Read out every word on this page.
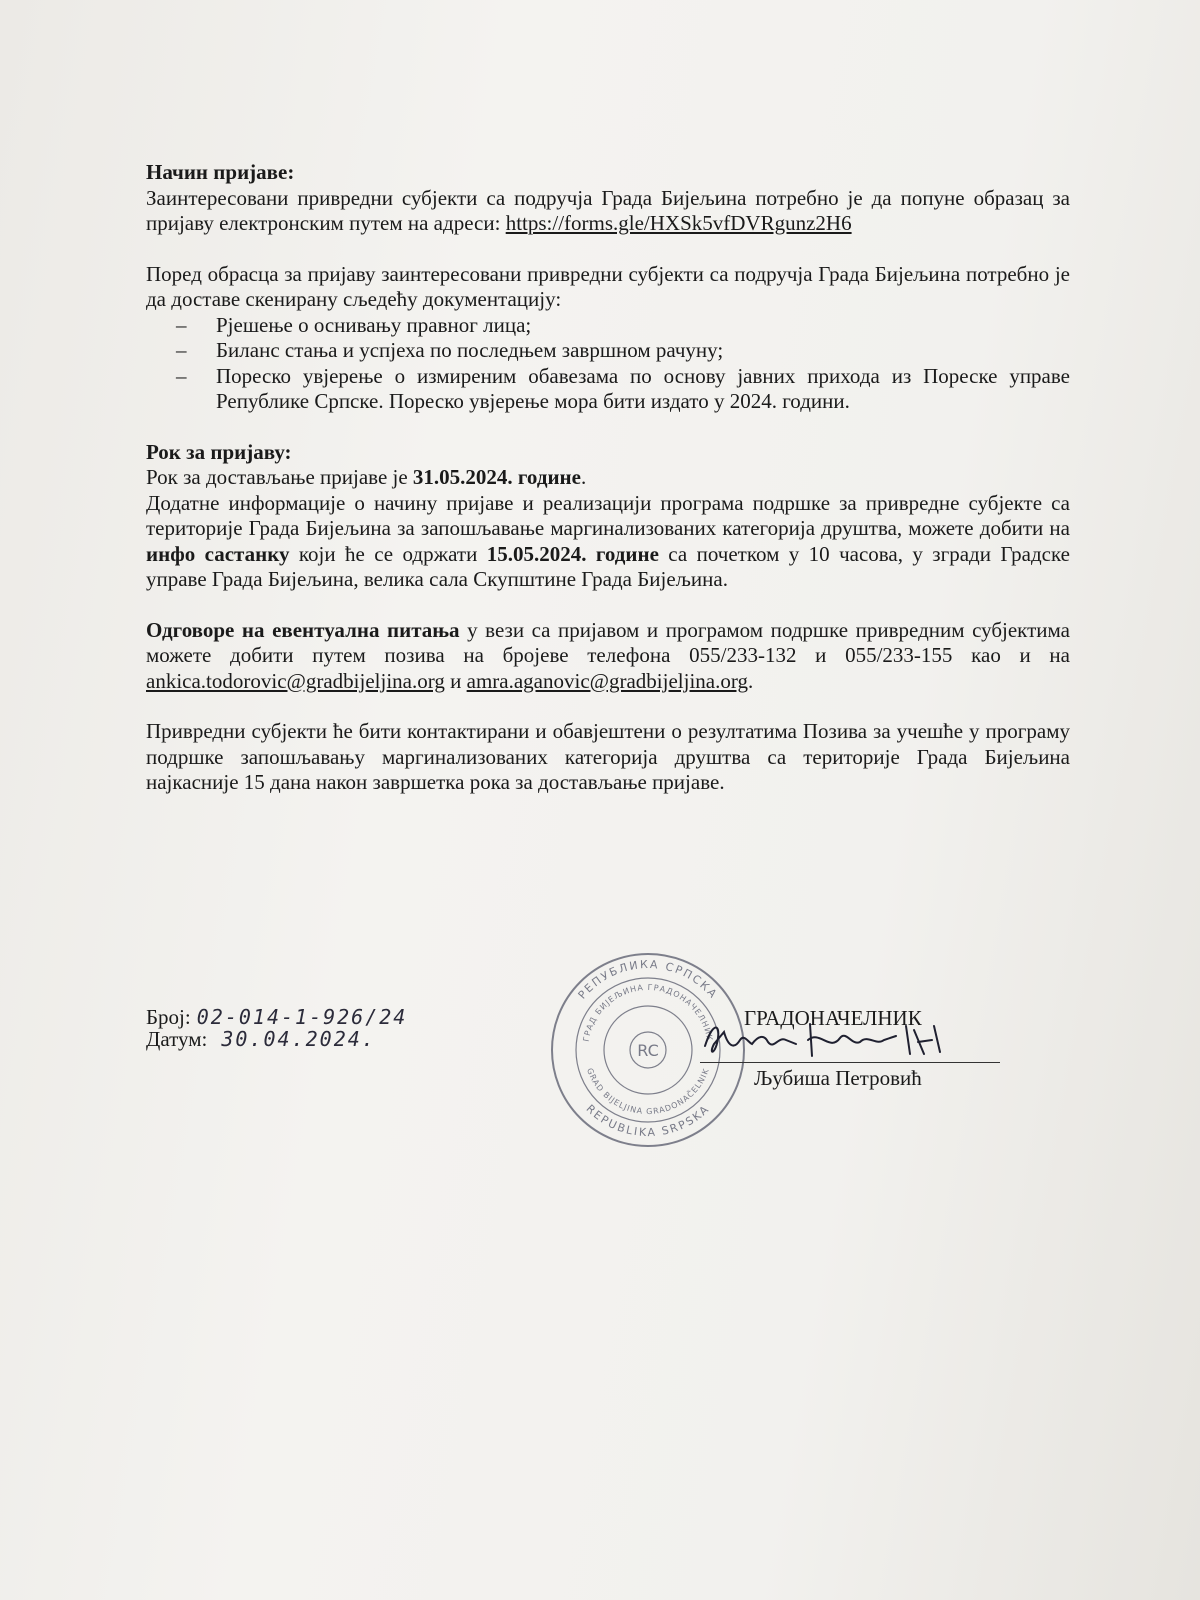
Начин пријаве:

Заинтересовани привредни субјекти са подручја Града Бијељина потребно је да попуне образац за пријаву електронским путем на адреси: https://forms.gle/HXSk5vfDVRgunz2H6

Поред обрасца за пријаву заинтересовани привредни субјекти са подручја Града Бијељина потребно је да доставе скенирану сљедећу документацију:

– Рјешење о оснивању правног лица;
– Биланс стања и успјеха по последњем завршном рачуну;
– Пореско увјерење о измиреним обавезама по основу јавних прихода из Пореске управе Републике Српске. Пореско увјерење мора бити издато у 2024. години.

Рок за пријаву:

Рок за достављање пријаве је 31.05.2024. године.

Додатне информације о начину пријаве и реализацији програма подршке за привредне субјекте са територије Града Бијељина за запошљавање маргинализованих категорија друштва, можете добити на инфо састанку који ће се одржати 15.05.2024. године са почетком у 10 часова, у згради Градске управе Града Бијељина, велика сала Скупштине Града Бијељина.

Одговоре на евентуална питања у вези са пријавом и програмом подршке привредним субјектима можете добити путем позива на бројеве телефона 055/233-132 и 055/233-155 као и на ankica.todorovic@gradbijeljina.org и amra.aganovic@gradbijeljina.org.

Привредни субјекти ће бити контактирани и обавјештени о резултатима Позива за учешће у програму подршке запошљавању маргинализованих категорија друштва са територије Града Бијељина најкасније 15 дана након завршетка рока за достављање пријаве.

Број: 02-014-1-926/24
Датум: 30.04.2024.
РЕПУБЛИКА СРПСКА
REPUBLIKA SRPSKA
ГРАД БИЈЕЉИНА ГРАДОНАЧЕЛНИК
GRAD BIJELJINA GRADONAČELNIK
RC
ГРАДОНАЧЕЛНИК
Љубиша Петровић
